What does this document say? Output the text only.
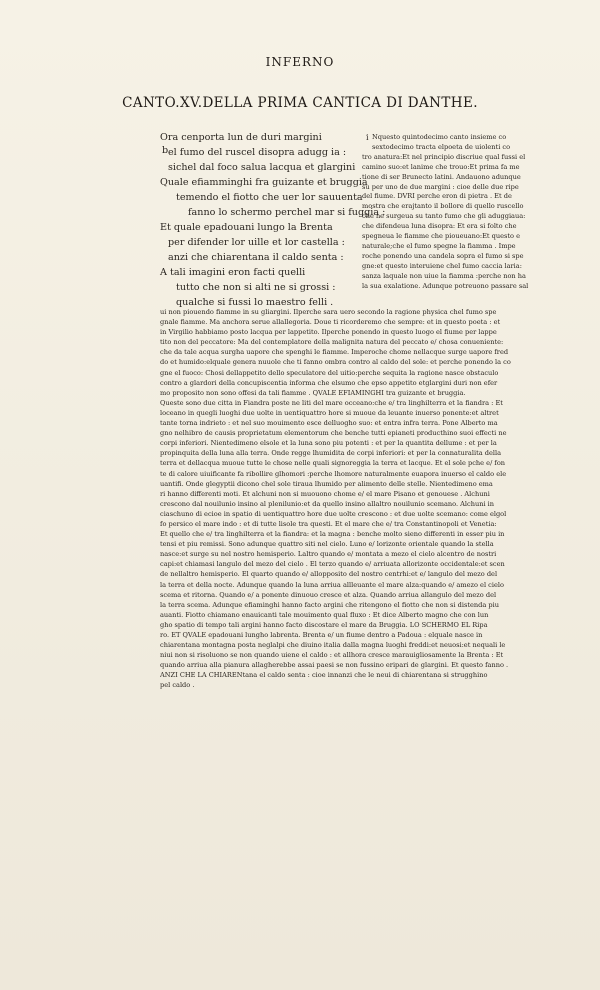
INFERNO
CANTO.XV.DELLA PRIMA CANTICA DI DANTHE.
b
Ora cenporta lun de duri margini
el fumo del ruscel disopra adugg ia :
sichel dal foco salua lacqua et glargini
Quale efiamminghi fra guizante et bruggia
temendo el fiotto che uer lor sauuenta
fanno lo schermo perchel mar si fuggia :
Et quale epadouani lungo la Brenta
per difender lor uille et lor castella :
anzi che chiarentana il caldo senta :
A tali imagini eron facti quelli
tutto che non si alti ne si grossi :
qualche si fussi lo maestro felli .
i Nquesto quintodecimo canto insieme co
sextodecimo tracta elpoeta de uiolenti co
tro anatura:Et nel principio discriue qual fussi el
camino suo:et lanime che trouo:Et prima fa me
tione di ser Brunecto latini. Andauono adunque
su per uno de due margini : cioe delle due ripe
del fiume. DVRI perche eron di pietra . Et de
mostra che erajtanto il bollore di quello ruscello
che ne surgeua su tanto fumo che gli aduggiaua:
che difendeua luna disopra: Et era si folto che
spegneua le fiamme che pioueuano:Et questo e
naturale;che el fumo spegne la fiamma . Impe
roche ponendo una candela sopra el fumo si spe
gne:et questo interuiene chel fumo caccia laria:
sanza laquale non uiue la fiamma :perche non ha
la sua exalatione. Adunque potreuono passare sal
ui non piouendo fiamme in su gliargini. Ilperche sara uero secondo la ragione physica chel fumo spe
gnale fiamme. Ma anchora serue allallegoria. Doue ti ricorderemo che sempre: et in questo poeta : et
in Virgilio habbiamo posto lacqua per lappetito. Ilperche ponendo in questo luogo el fiume per lappe
tito non del peccatore: Ma del contemplatore della malignita natura del peccato e/ chosa conueniente:
che da tale acqua surgha uapore che spenghi le fiamme. Imperoche chome nellacque surge uapore fred
do et humido:elquale genera nuuole che ti fanno ombra contro al caldo del sole: et perche ponendo la co
gne el fuoco: Chosi dellappetito dello speculatore del uitio:perche sequita la ragione nasce obstaculo
contro a glardori della concupiscentia informa che elsumo che epso appetito etglargini duri non efer
mo proposito non sono offesi da tali fiamme . QVALE EFIAMINGHI tra guizante et bruggia.
Queste sono due citta in Fiandra poste ne liti del mare occeano:che e/ tra linghilterra et la fiandra : Et
loceano in quegli luoghi due uolte in uentiquattro hore si muoue da leuante inuerso ponente:et altret
tante torna indrieto : et nel suo mouimento esce delluogho suo: et entra infra terra. Pone Alberto ma
gno nelhibro de causis proprietatum elementorum che benche tutti epianeti producthino suoi effecti ne
corpi inferiori. Nientedimeno elsole et la luna sono piu potenti : et per la quantita dellume : et per la
propinquita della luna alla terra. Onde regge lhumidita de corpi inferiori: et per la connaturalita della
terra et dellacqua muoue tutte le chose nelle quali signoreggia la terra et lacque. Et el sole pche e/ fon
te di calore uiuificante fa ribollire glhomori :perche lhomore naturalmente euapora inuerso el caldo ele
uantifi. Onde glegyptii dicono chel sole tiraua lhumido per alimento delle stelle. Nientedimeno ema
ri hanno differenti moti. Et alchuni non si muouono chome e/ el mare Pisano et genouese . Alchuni
crescono dal nouilunio insino al plenilunio:et da quello insino allaltro nouilunio scemano. Alchuni in
ciaschuno di ecioe in spatio di uentiquattro hore due uolte crescono : et due uolte scemano: come elgol
fo persico el mare indo : et di tutte lisole tra questi. Et el mare che e/ tra Constantinopoli et Venetia:
Et quello che e/ tra linghilterra et la fiandra: et la magna : benche molto sieno differenti in esser piu in
tensi et piu remissi. Sono adunque quattro siti nel cielo. Luno e/ lorizonte orientale quando la stella
nasce:et surge su nel nostro hemisperio. Laltro quando e/ montata a mezo el cielo alcentro de nostri
capi:et chiamasi langulo del mezo del cielo . El terzo quando e/ arriuata allorizonte occidentale:et scen
de nellaltro hemisperio. El quarto quando e/ allopposito del nostro centrhi:et e/ langulo del mezo del
la terra et della nocte. Adunque quando la luna arriua allleuante el mare alza:quando e/ amezo el cielo
scema et ritorna. Quando e/ a ponente dinuouo cresce et alza. Quando arriua allangulo del mezo del
la terra scema. Adunque efiaminghi hanno facto argini che ritengono el fiotto che non si distenda piu
auanti. Fiotto chiamano enauicanti tale mouimento qual fluxo : Et dice Alberto magno che con lun
gho spatio di tempo tali argini hanno facto discostare el mare da Bruggia. LO SCHERMO EL Ripa
ro. ET QVALE epadouani lungho labrenta. Brenta e/ un fiume dentro a Padoua : elquale nasce in
chiarentana montagna posta neglalpi che diuino italia dalla magna luoghi freddi:et neuosi:et nequali le
niui non si risoluono se non quando uiene el caldo : et allhora cresce marauigliosamente la Brenta : Et
quando arriua alla pianura allagherebbe assai paesi se non fussino eripari de glargini. Et questo fanno .
ANZI CHE LA CHIARENtana el caldo senta : cioe innanzi che le neui di chiarentana si strugghino
pel caldo .
